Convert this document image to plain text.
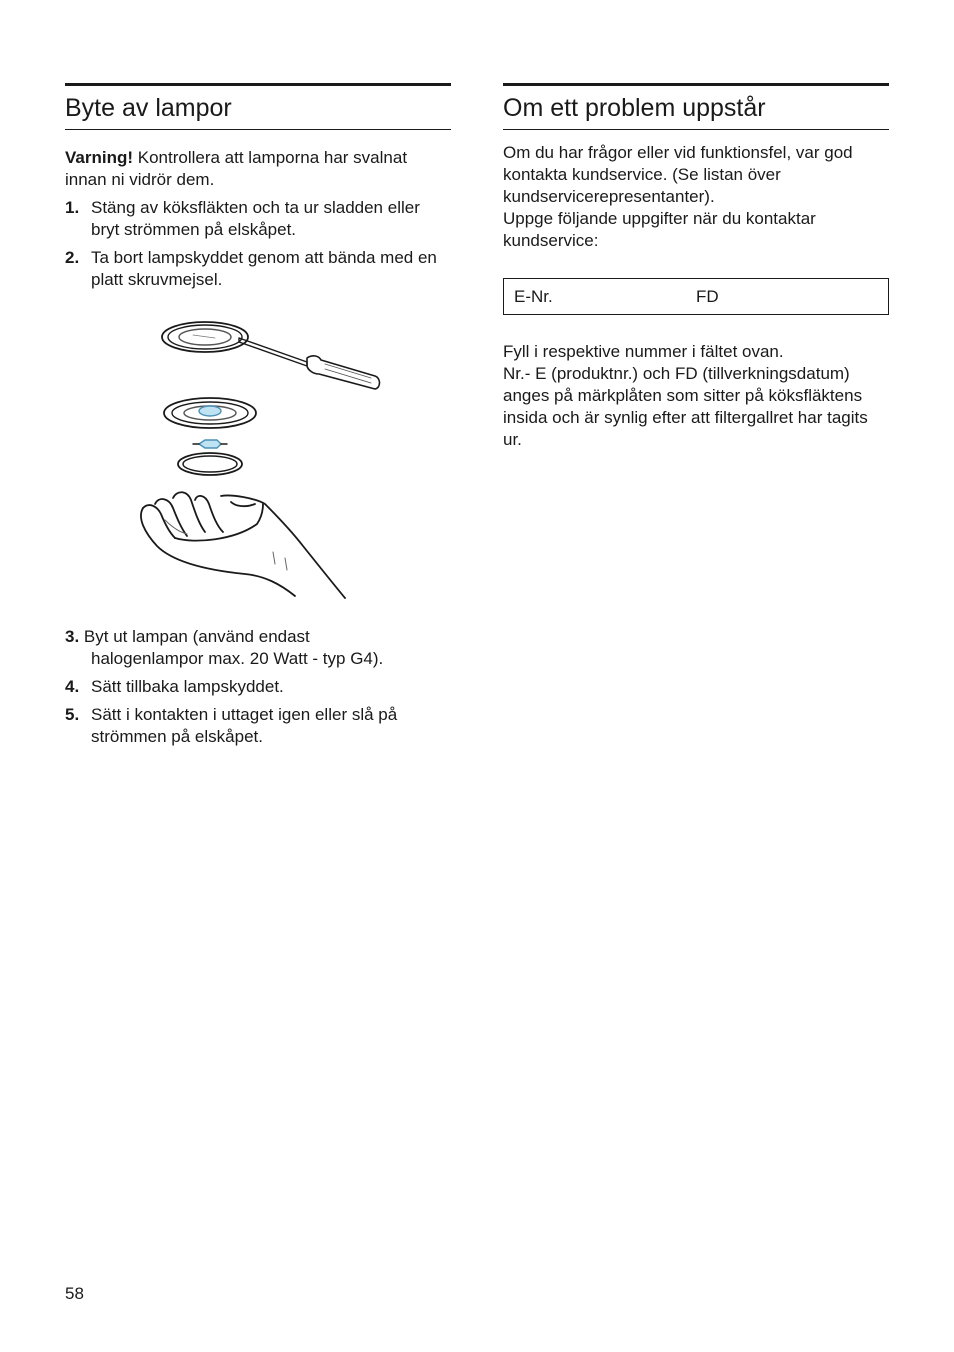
Byte av lampor

Varning! Kontrollera att lamporna har svalnat innan ni vidrör dem.

1. Stäng av köksfläkten och ta ur sladden eller bryt strömmen på elskåpet.
2. Ta bort lampskyddet genom att bända med en platt skruvmejsel.
3. Byt ut lampan (använd endast
halogenlampor max. 20 Watt - typ G4).
4. Sätt tillbaka lampskyddet.
5. Sätt i kontakten i uttaget igen eller slå på strömmen på elskåpet.
Om ett problem uppstår

Om du har frågor eller vid funktionsfel, var god kontakta kundservice. (Se listan över kundservicerepresentanter).

Uppge följande uppgifter när du kontaktar kundservice:

E-Nr.	FD

Fyll i respektive nummer i fältet ovan.

Nr.- E (produktnr.) och FD (tillverkningsdatum) anges på märkplåten som sitter på köksfläktens insida och är synlig efter att filtergallret har tagits ur.

58
